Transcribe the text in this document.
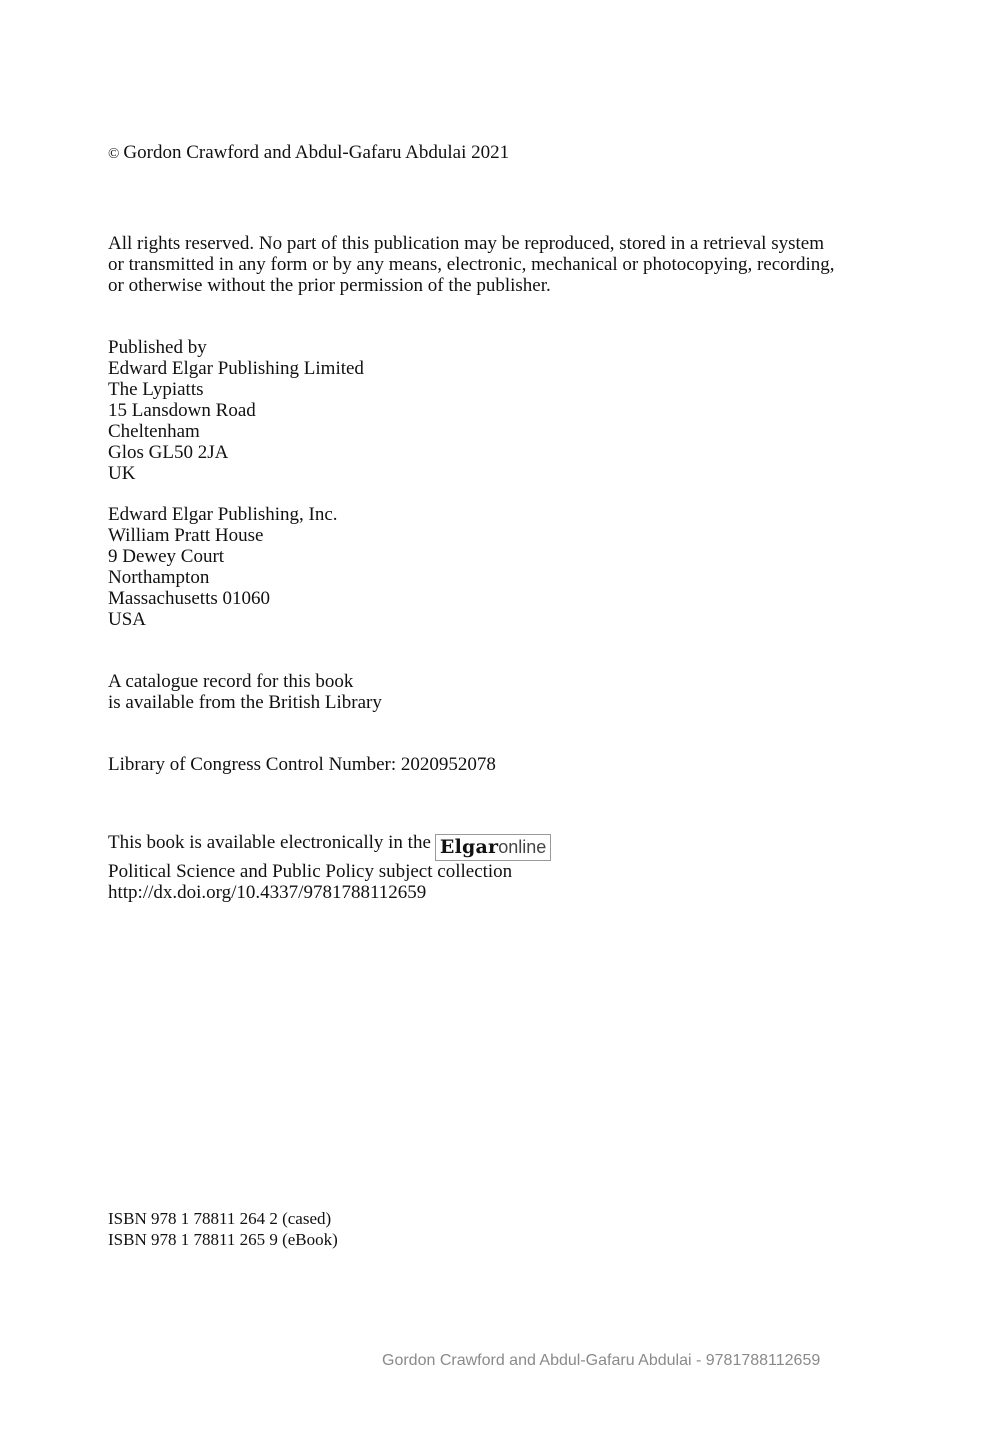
© Gordon Crawford and Abdul-Gafaru Abdulai 2021
All rights reserved. No part of this publication may be reproduced, stored in a retrieval system
or transmitted in any form or by any means, electronic, mechanical or photocopying, recording,
or otherwise without the prior permission of the publisher.
Published by
Edward Elgar Publishing Limited
The Lypiatts
15 Lansdown Road
Cheltenham
Glos GL50 2JA
UK
Edward Elgar Publishing, Inc.
William Pratt House
9 Dewey Court
Northampton
Massachusetts 01060
USA
A catalogue record for this book
is available from the British Library
Library of Congress Control Number: 2020952078
This book is available electronically in the Elgaronline
Political Science and Public Policy subject collection
http://dx.doi.org/10.4337/9781788112659
ISBN 978 1 78811 264 2 (cased)
ISBN 978 1 78811 265 9 (eBook)
Gordon Crawford and Abdul-Gafaru Abdulai - 9781788112659
